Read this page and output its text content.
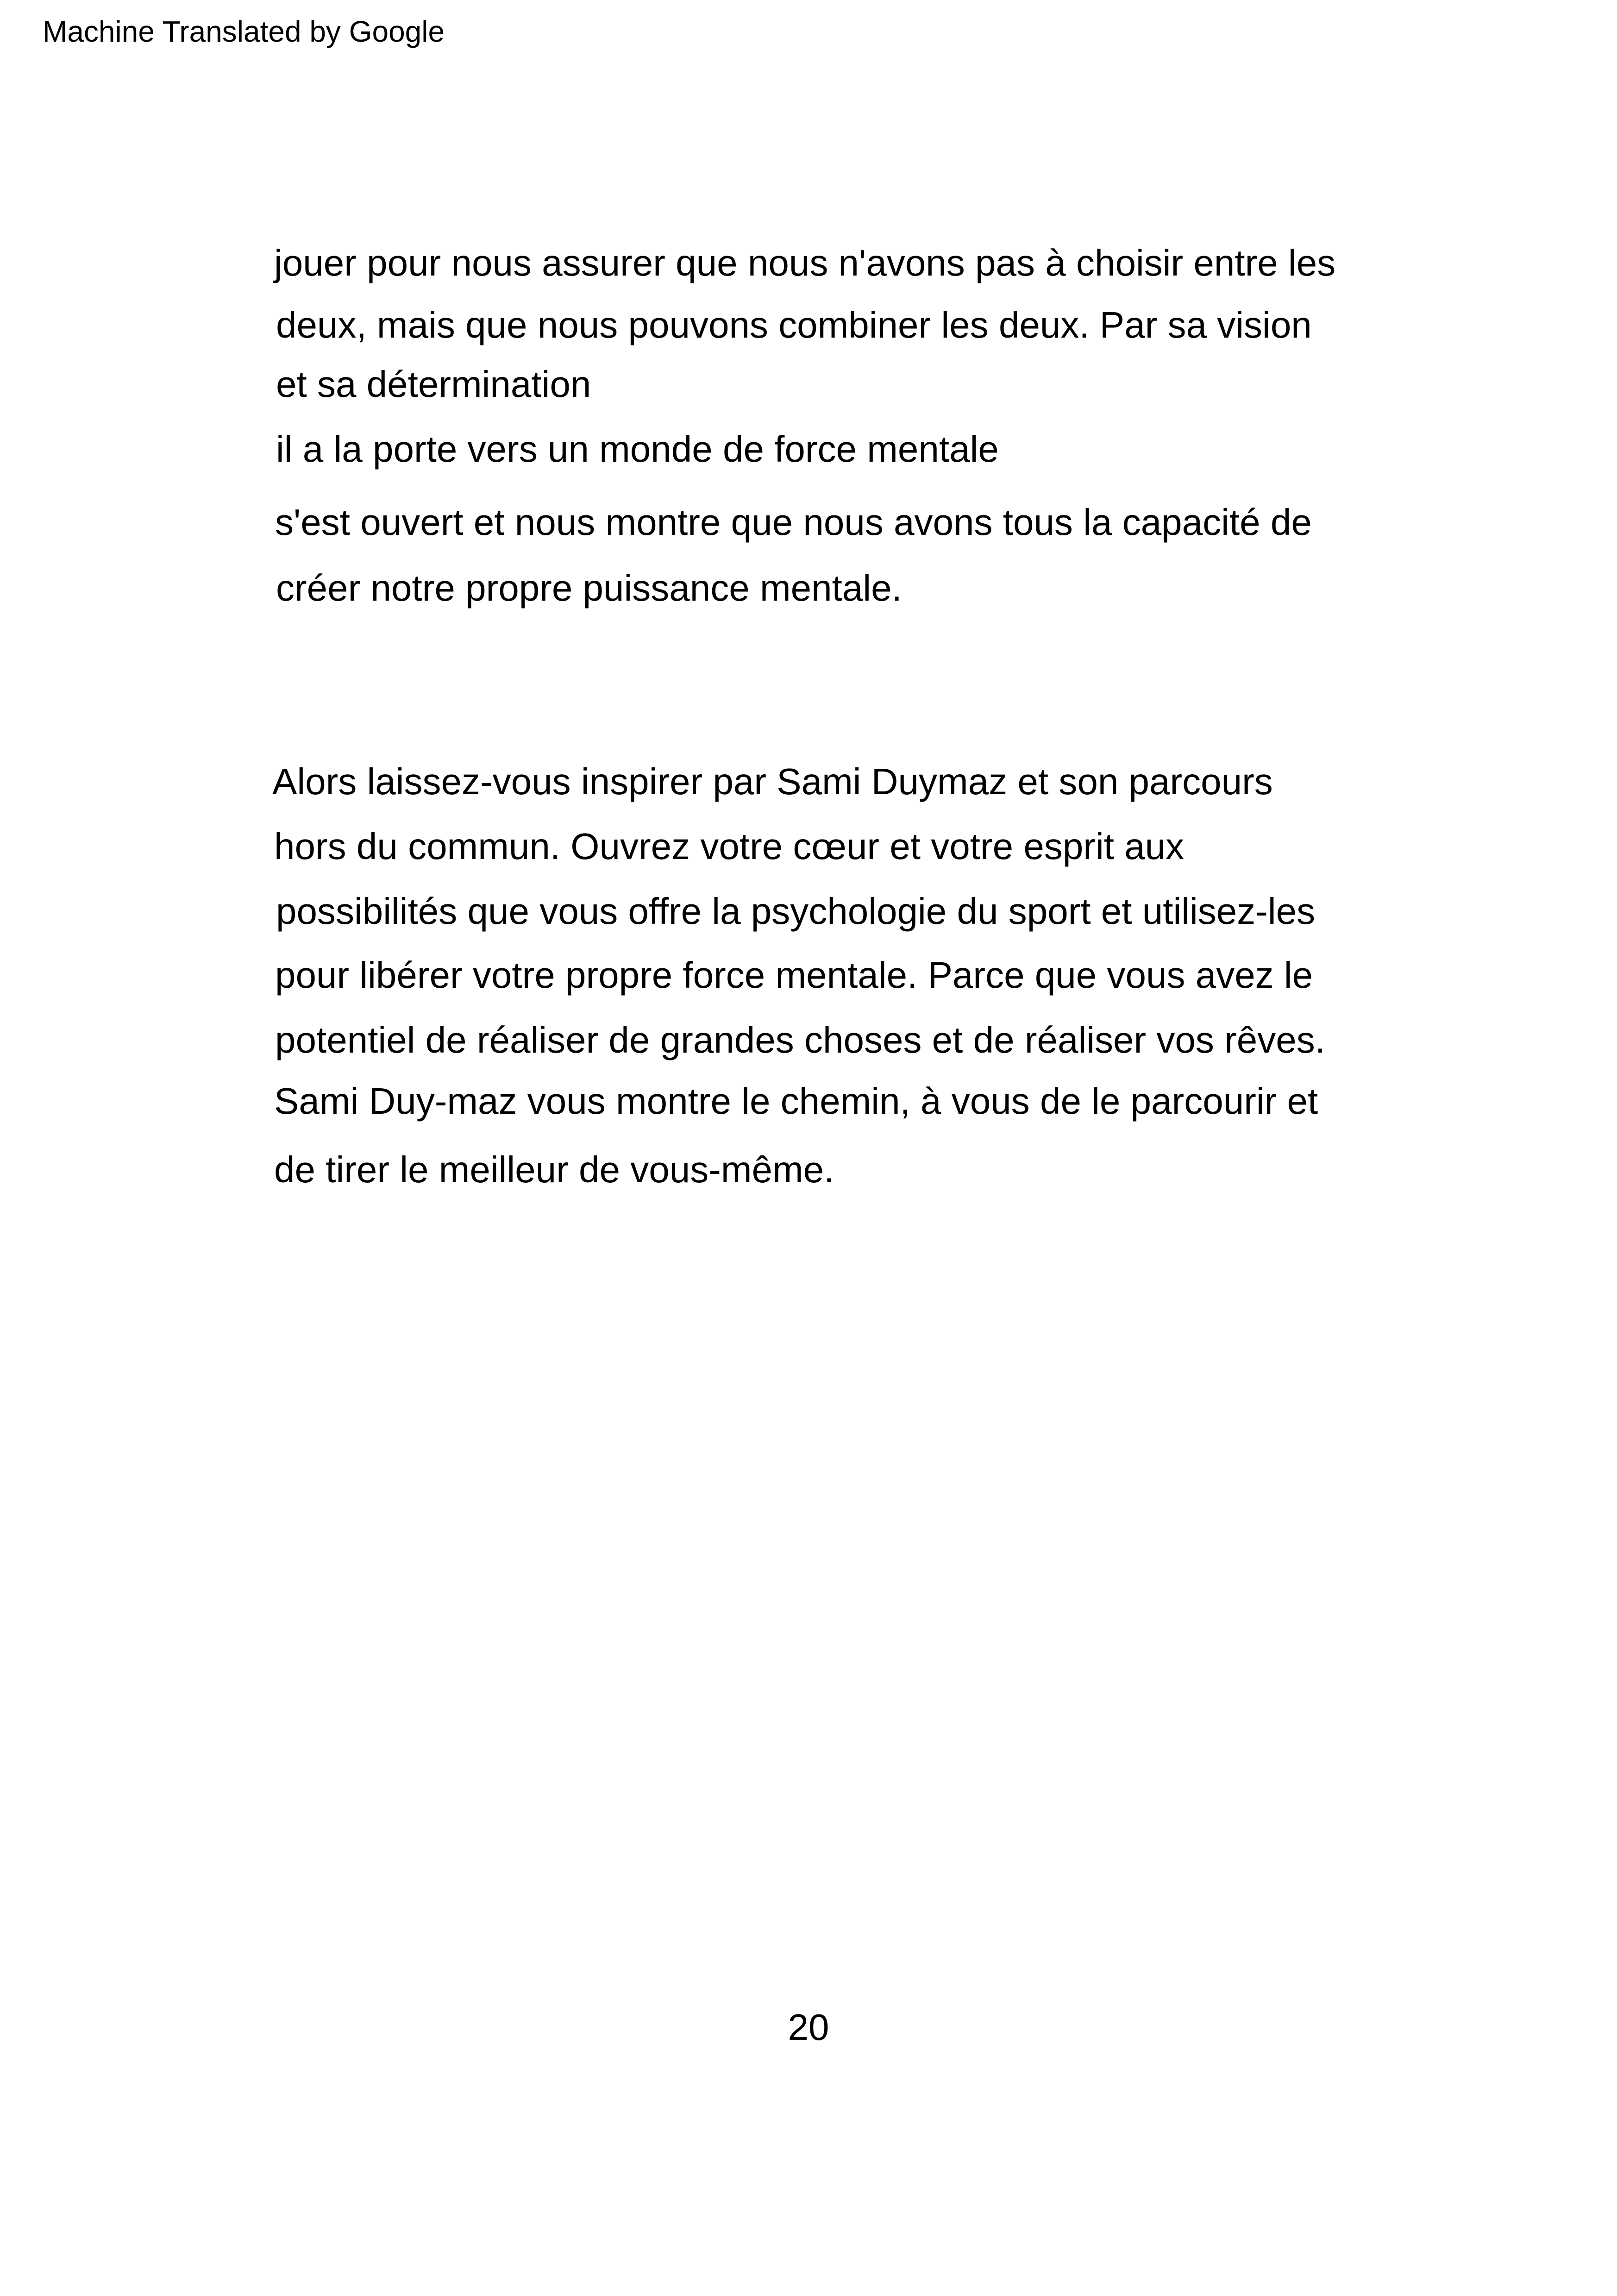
Machine Translated by Google
jouer pour nous assurer que nous n'avons pas à choisir entre les
deux, mais que nous pouvons combiner les deux. Par sa vision
et sa détermination
il a la porte vers un monde de force mentale
s'est ouvert et nous montre que nous avons tous la capacité de
créer notre propre puissance mentale.
Alors laissez-vous inspirer par Sami Duymaz et son parcours
hors du commun. Ouvrez votre cœur et votre esprit aux
possibilités que vous offre la psychologie du sport et utilisez-les
pour libérer votre propre force mentale. Parce que vous avez le
potentiel de réaliser de grandes choses et de réaliser vos rêves.
Sami Duy-maz vous montre le chemin, à vous de le parcourir et
de tirer le meilleur de vous-même.
20
